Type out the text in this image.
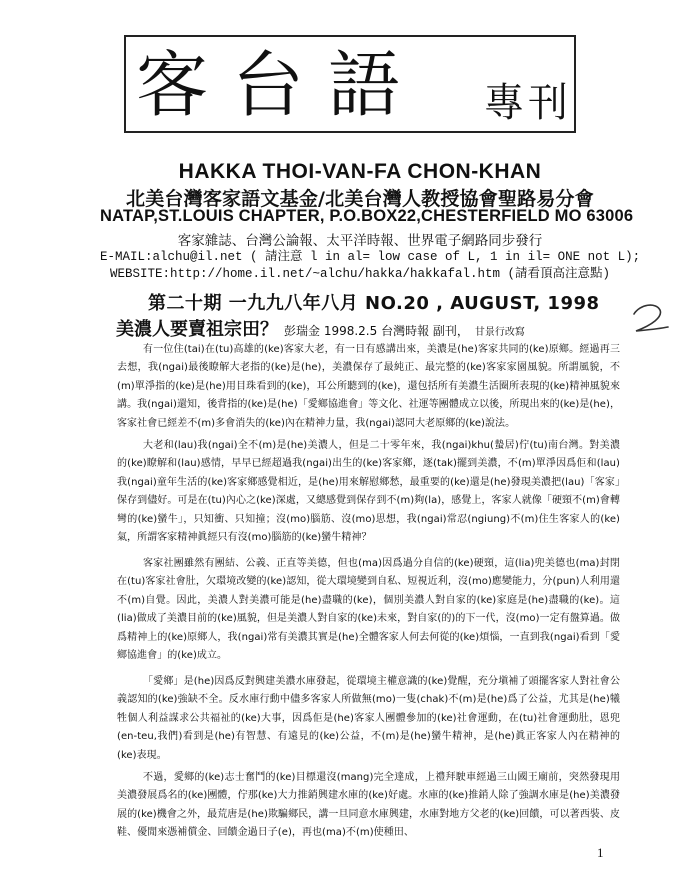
客台語 專刊
HAKKA THOI-VAN-FA CHON-KHAN
北美台灣客家語文基金/北美台灣人教授協會聖路易分會
NATAP,ST.LOUIS CHAPTER, P.O.BOX22,CHESTERFIELD MO 63006
客家雜誌、台灣公論報、太平洋時報、世界電子網路同步發行
E-MAIL:alchu@il.net ( 請注意 l in al= low case of L, 1 in il= ONE not L);
WEBSITE:http://home.il.net/~alchu/hakka/hakkafal.htm (請看頂高注意點)
第二十期 一九九八年八月 NO.20 , AUGUST, 1998
美濃人要賣祖宗田？ 彭瑞金 1998.2.5 台灣時報 副刊， 甘景行改寫

有一位住(tai)在(tu)高雄的(ke)客家大老，有一日有感講出來，美濃是(he)客家共同的(ke)原鄉。經過再三去想，我(ngai)最後瞭解大老指的(ke)是(he)，美濃保存了最純正、最完整的(ke)客家家園風貌。所謂風貌，不(m)單淨指的(ke)是(he)用目珠看到的(ke)，耳公所聽到的(ke)，還包括所有美濃生活圈所表現的(ke)精神風貌來講。我(ngai)還知，後背指的(ke)是(he)「愛鄉協進會」等文化、社運等團體成立以後，所現出來的(ke)是(he)，客家社會已經差不(m)多會消失的(ke)內在精神力量，我(ngai)認同大老原鄉的(ke)說法。

大老和(lau)我(ngai)全不(m)是(he)美濃人，但是二十零年來，我(ngai)khu(蟄居)佇(tu)南台灣。對美濃的(ke)瞭解和(lau)感情，早早已經超過我(ngai)出生的(ke)客家鄉，逐(tak)擺到美濃，不(m)單淨因爲佢和(lau)我(ngai)童年生活的(ke)客家鄉感覺相近，是(he)用來解慰鄉愁，最重要的(ke)還是(he)發現美濃把(lau)「客家」保存到儘好。可是在(tu)內心之(ke)深處，又總感覺到保存到不(m)夠(la)，感覺上，客家人就像「硬頸不(m)會轉彎的(ke)蠻牛」，只知衝、只知撞；沒(mo)腦筋、沒(mo)思想，我(ngai)常忍(ngiung)不(m)住生客家人的(ke)氣，所謂客家精神眞經只有沒(mo)腦筋的(ke)蠻牛精神？

客家社團雖然有團結、公義、正直等美德，但也(ma)因爲過分自信的(ke)硬頸，這(lia)兜美德也(ma)封閉在(tu)客家社會肚，欠環境改變的(ke)認知，從大環境變到自私、短視近利，沒(mo)應變能力，分(pun)人利用還不(m)自覺。因此，美濃人對美濃可能是(he)盡職的(ke)，個別美濃人對自家的(ke)家庭是(he)盡職的(ke)。這(lia)做成了美濃目前的(ke)風貌，但是美濃人對自家的(ke)未來，對自家(的)的下一代，沒(mo)一定有盤算過。做爲精神上的(ke)原鄉人，我(ngai)常有美濃其實是(he)全體客家人何去何從的(ke)煩惱，一直到我(ngai)看到「愛鄉協進會」的(ke)成立。

「愛鄉」是(he)因爲反對興建美濃水庫發起，從環境主權意識的(ke)覺醒，充分塡補了頭擺客家人對社會公義認知的(ke)強缺不全。反水庫行動中儘多客家人所做無(mo)一隻(chak)不(m)是(he)爲了公益，尤其是(he)犧牲個人利益謀求公共福祉的(ke)大事，因爲佢是(he)客家人團體參加的(ke)社會運動，在(tu)社會運動肚，恩兜(en-teu,我們)看到是(he)有智慧、有遠見的(ke)公益，不(m)是(he)蠻牛精神，是(he)眞正客家人內在精神的(ke)表現。

不過，愛鄉的(ke)志士奮鬥的(ke)目標還沒(mang)完全達成，上禮拜駛車經過三山國王廟前，突然發現用美濃發展爲名的(ke)團體，佇那(ke)大力推銷興建水庫的(ke)好處。水庫的(ke)推銷人除了強調水庫是(he)美濃發展的(ke)機會之外，最荒唐是(he)欺騙鄉民，講一旦同意水庫興建，水庫對地方父老的(ke)回饋，可以著西裝、皮鞋、優閒來憑補償金、回饋金過日子(e)，再也(ma)不(m)使種田、

1
